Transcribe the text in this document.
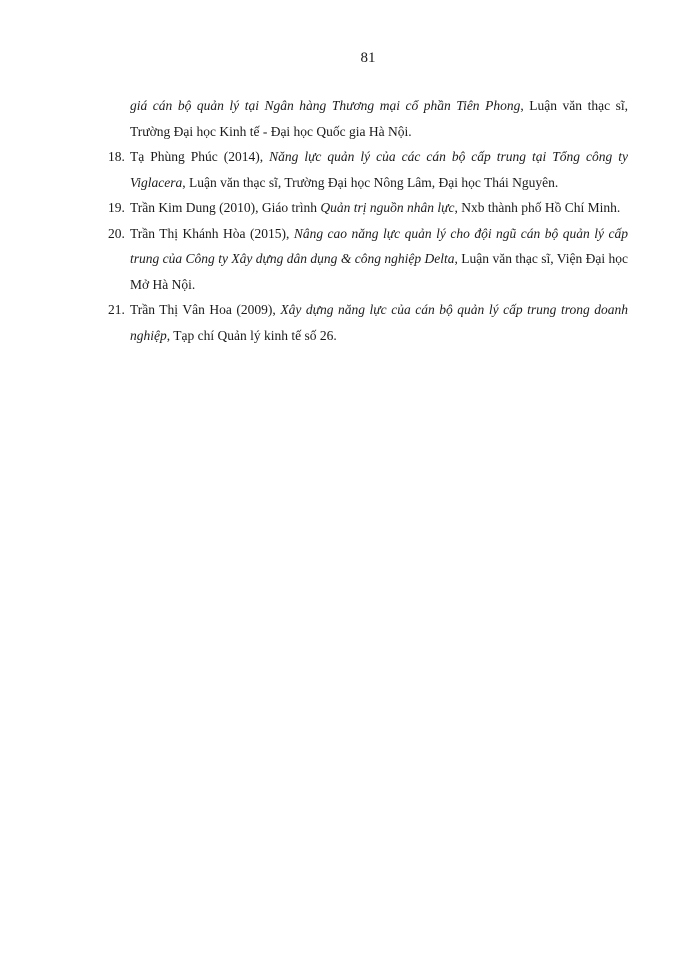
81

giá cán bộ quản lý tại Ngân hàng Thương mại cổ phần Tiên Phong, Luận văn thạc sĩ, Trường Đại học Kinh tế - Đại học Quốc gia Hà Nội.

18. Tạ Phùng Phúc (2014), Năng lực quản lý của các cán bộ cấp trung tại Tổng công ty Viglacera, Luận văn thạc sĩ, Trường Đại học Nông Lâm, Đại học Thái Nguyên.

19. Trần Kim Dung (2010), Giáo trình Quản trị nguồn nhân lực, Nxb thành phố Hồ Chí Minh.

20. Trần Thị Khánh Hòa (2015), Nâng cao năng lực quản lý cho đội ngũ cán bộ quản lý cấp trung của Công ty Xây dựng dân dụng & công nghiệp Delta, Luận văn thạc sĩ, Viện Đại học Mở Hà Nội.

21. Trần Thị Vân Hoa (2009), Xây dựng năng lực của cán bộ quản lý cấp trung trong doanh nghiệp, Tạp chí Quản lý kinh tế số 26.
